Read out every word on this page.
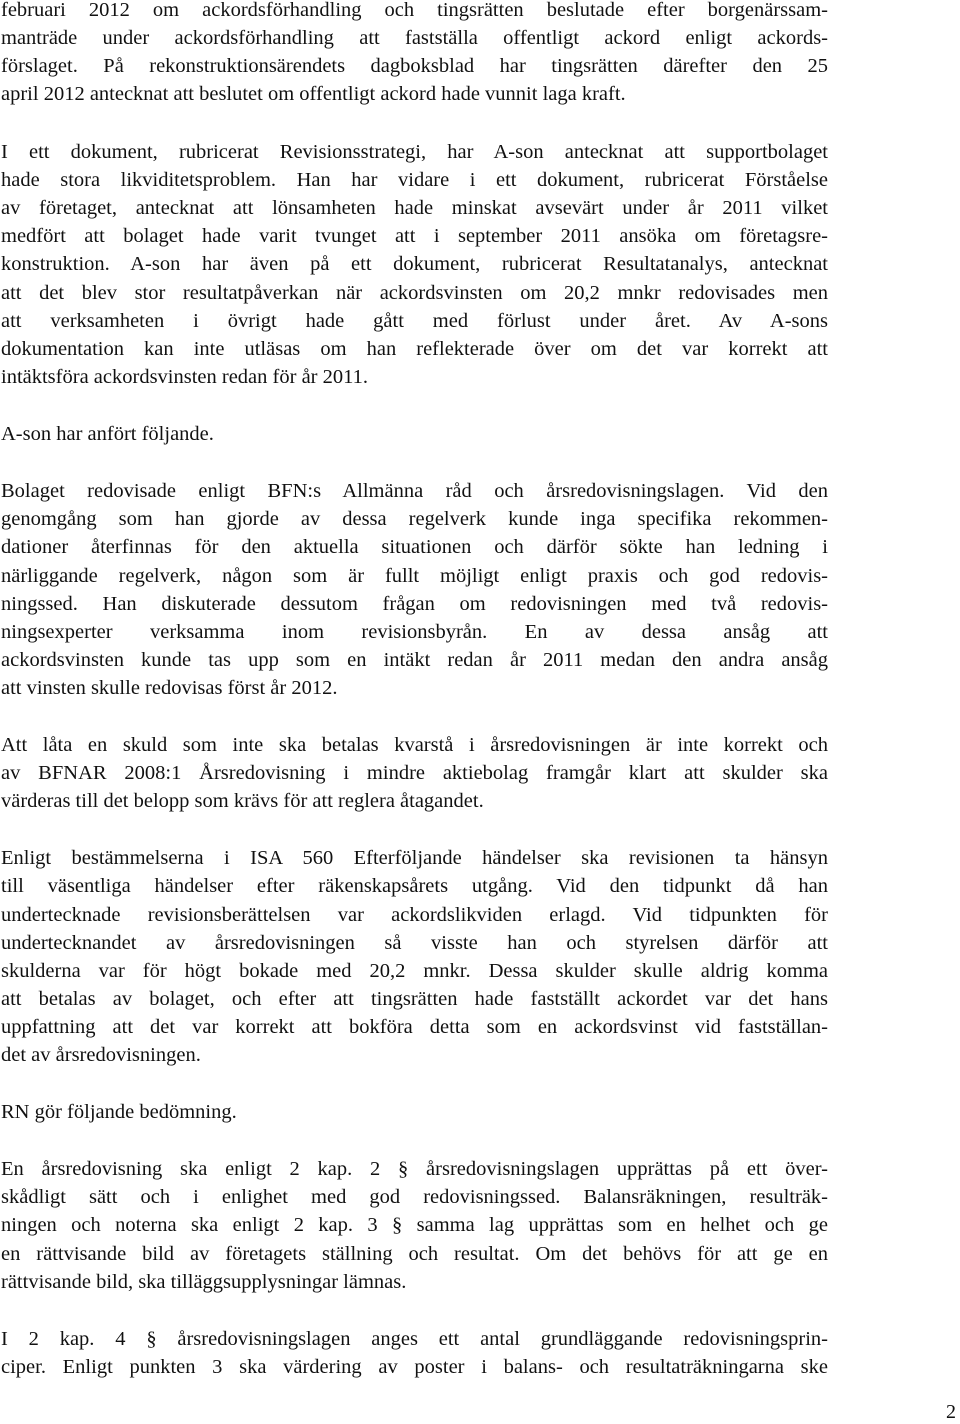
februari 2012 om ackordsförhandling och tingsrätten beslutade efter borgenärssam-
manträde under ackordsförhandling att fastställa offentligt ackord enligt ackords-
förslaget. På rekonstruktionsärendets dagboksblad har tingsrätten därefter den 25
april 2012 antecknat att beslutet om offentligt ackord hade vunnit laga kraft.
I ett dokument, rubricerat Revisionsstrategi, har A-son antecknat att supportbolaget
hade stora likviditetsproblem. Han har vidare i ett dokument, rubricerat Förståelse
av företaget, antecknat att lönsamheten hade minskat avsevärt under år 2011 vilket
medfört att bolaget hade varit tvunget att i september 2011 ansöka om företagsre-
konstruktion. A-son har även på ett dokument, rubricerat Resultatanalys, antecknat
att det blev stor resultatpåverkan när ackordsvinsten om 20,2 mnkr redovisades men
att verksamheten i övrigt hade gått med förlust under året. Av A-sons
dokumentation kan inte utläsas om han reflekterade över om det var korrekt att
intäktsföra ackordsvinsten redan för år 2011.
A-son har anfört följande.
Bolaget redovisade enligt BFN:s Allmänna råd och årsredovisningslagen. Vid den
genomgång som han gjorde av dessa regelverk kunde inga specifika rekommen-
dationer återfinnas för den aktuella situationen och därför sökte han ledning i
närliggande regelverk, någon som är fullt möjligt enligt praxis och god redovis-
ningssed. Han diskuterade dessutom frågan om redovisningen med två redovis-
ningsexperter verksamma inom revisionsbyrån. En av dessa ansåg att
ackordsvinsten kunde tas upp som en intäkt redan år 2011 medan den andra ansåg
att vinsten skulle redovisas först år 2012.
Att låta en skuld som inte ska betalas kvarstå i årsredovisningen är inte korrekt och
av BFNAR 2008:1 Årsredovisning i mindre aktiebolag framgår klart att skulder ska
värderas till det belopp som krävs för att reglera åtagandet.
Enligt bestämmelserna i ISA 560 Efterföljande händelser ska revisionen ta hänsyn
till väsentliga händelser efter räkenskapsårets utgång. Vid den tidpunkt då han
undertecknade revisionsberättelsen var ackordslikviden erlagd. Vid tidpunkten för
undertecknandet av årsredovisningen så visste han och styrelsen därför att
skulderna var för högt bokade med 20,2 mnkr. Dessa skulder skulle aldrig komma
att betalas av bolaget, och efter att tingsrätten hade fastställt ackordet var det hans
uppfattning att det var korrekt att bokföra detta som en ackordsvinst vid fastställan-
det av årsredovisningen.
RN gör följande bedömning.
En årsredovisning ska enligt 2 kap. 2 § årsredovisningslagen upprättas på ett över-
skådligt sätt och i enlighet med god redovisningssed. Balansräkningen, resulträk-
ningen och noterna ska enligt 2 kap. 3 § samma lag upprättas som en helhet och ge
en rättvisande bild av företagets ställning och resultat. Om det behövs för att ge en
rättvisande bild, ska tilläggsupplysningar lämnas.
I 2 kap. 4 § årsredovisningslagen anges ett antal grundläggande redovisningsprin-
ciper. Enligt punkten 3 ska värdering av poster i balans- och resultaträkningarna ske
2
